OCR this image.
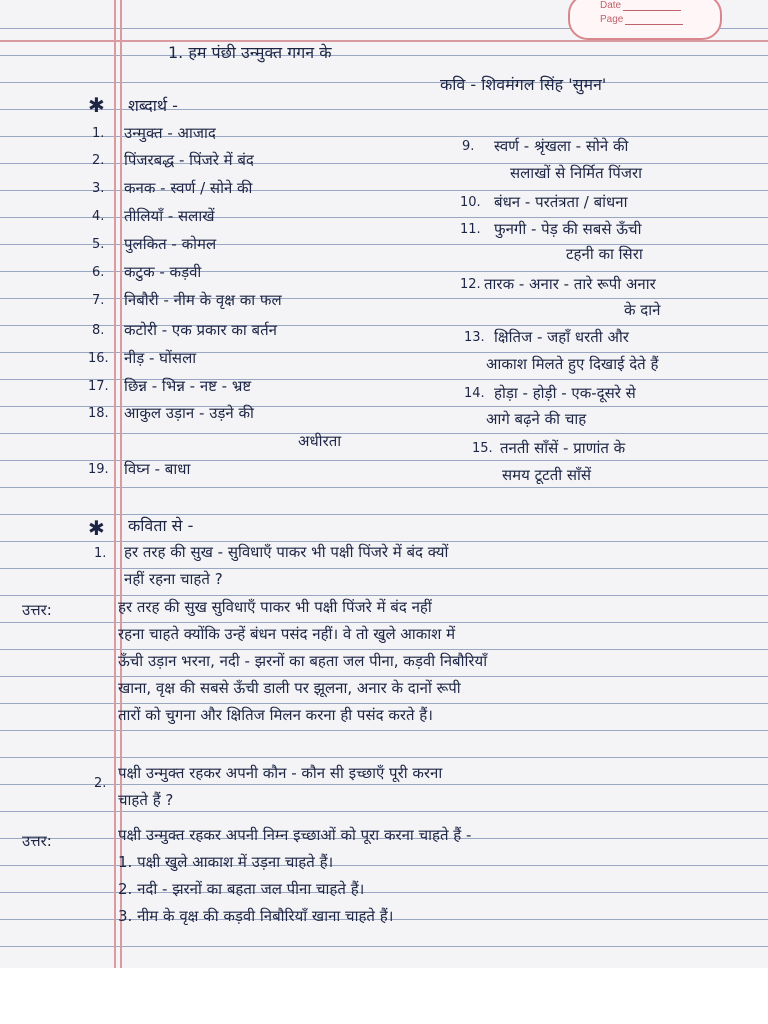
Date
Page
1. हम पंछी उन्मुक्त गगन के
कवि - शिवमंगल सिंह 'सुमन'
✱ शब्दार्थ -
1. उन्मुक्त - आजाद
2. पिंजरबद्ध - पिंजरे में बंद
3. कनक - स्वर्ण / सोने की
4. तीलियाँ - सलाखें
5. पुलकित - कोमल
6. कटुक - कड़वी
7. निबौरी - नीम के वृक्ष का फल
8. कटोरी - एक प्रकार का बर्तन
16. नीड़ - घोंसला
17. छिन्न - भिन्न - नष्ट - भ्रष्ट
18. आकुल उड़ान - उड़ने की
अधीरता
19. विघ्न - बाधा
9. स्वर्ण - श्रृंखला - सोने की
सलाखों से निर्मित पिंजरा
10. बंधन - परतंत्रता / बांधना
11. फुनगी - पेड़ की सबसे ऊँची
टहनी का सिरा
12. तारक - अनार - तारे रूपी अनार
के दाने
13. क्षितिज - जहाँ धरती और
आकाश मिलते हुए दिखाई देते हैं
14. होड़ा - होड़ी - एक-दूसरे से
आगे बढ़ने की चाह
15. तनती साँसें - प्राणांत के
समय टूटती साँसें
✱ कविता से -
1. हर तरह की सुख - सुविधाएँ पाकर भी पक्षी पिंजरे में बंद क्यों
नहीं रहना चाहते ?
उत्तर:	हर तरह की सुख सुविधाएँ पाकर भी पक्षी पिंजरे में बंद नहीं
रहना चाहते क्योंकि उन्हें बंधन पसंद नहीं। वे तो खुले आकाश में
ऊँची उड़ान भरना, नदी - झरनों का बहता जल पीना, कड़वी निबौरियाँ
खाना, वृक्ष की सबसे ऊँची डाली पर झूलना, अनार के दानों रूपी
तारों को चुगना और क्षितिज मिलन करना ही पसंद करते हैं।
2.
पक्षी उन्मुक्त रहकर अपनी कौन - कौन सी इच्छाएँ पूरी करना
चाहते हैं ?
उत्तर:	पक्षी उन्मुक्त रहकर अपनी निम्न इच्छाओं को पूरा करना चाहते हैं -
1. पक्षी खुले आकाश में उड़ना चाहते हैं।
2. नदी - झरनों का बहता जल पीना चाहते हैं।
3. नीम के वृक्ष की कड़वी निबौरियाँ खाना चाहते हैं।
